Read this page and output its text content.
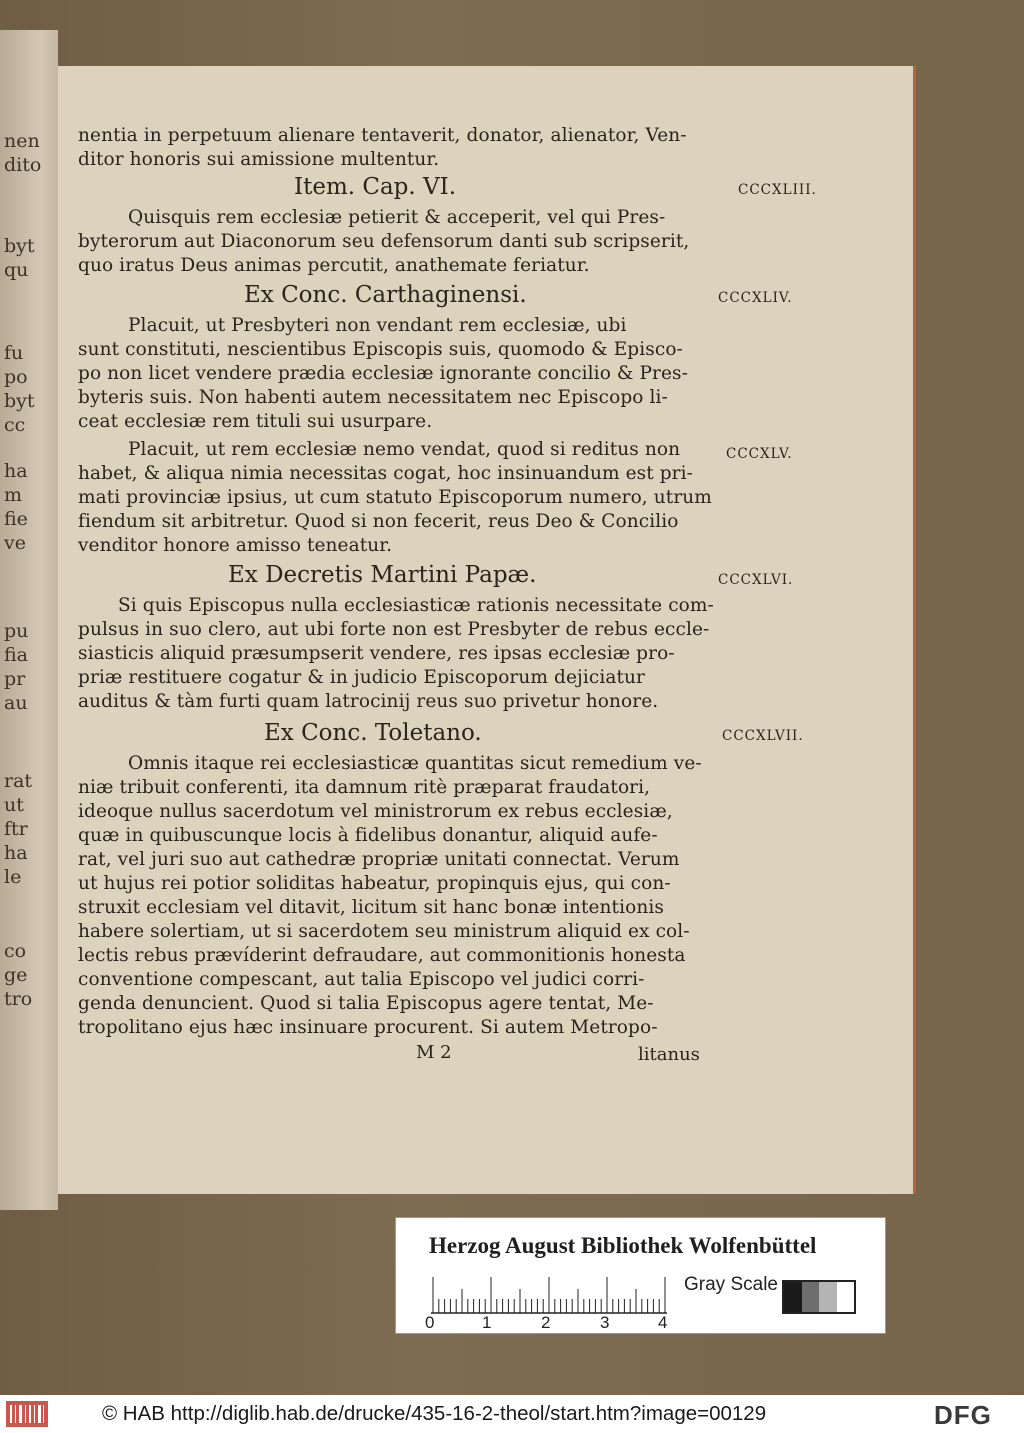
nen
dito
byt
qu
fu
po
byt
cc
ha
m
fie
ve
pu
fia
pr
au
rat
ut
ftr
ha
le
co
ge
tro
nentia in perpetuum alienare tentaverit, donator, alienator, Ven-
ditor honoris sui amissione multentur.
Item. Cap. VI.	CCCXLIII.
Quisquis rem ecclesiæ petierit & acceperit, vel qui Pres-
byterorum aut Diaconorum seu defensorum danti sub scripserit,
quo iratus Deus animas percutit, anathemate feriatur.
Ex Conc. Carthaginensi.	CCCXLIV.
Placuit, ut Presbyteri non vendant rem ecclesiæ, ubi
sunt constituti, nescientibus Episcopis suis, quomodo & Episco-
po non licet vendere prædia ecclesiæ ignorante concilio & Pres-
byteris suis. Non habenti autem necessitatem nec Episcopo li-
ceat ecclesiæ rem tituli sui usurpare.
Placuit, ut rem ecclesiæ nemo vendat, quod si reditus non	CCCXLV.
habet, & aliqua nimia necessitas cogat, hoc insinuandum est pri-
mati provinciæ ipsius, ut cum statuto Episcoporum numero, utrum
fiendum sit arbitretur. Quod si non fecerit, reus Deo & Concilio
venditor honore amisso teneatur.
Ex Decretis Martini Papæ.	CCCXLVI.
Si quis Episcopus nulla ecclesiasticæ rationis necessitate com-
pulsus in suo clero, aut ubi forte non est Presbyter de rebus eccle-
siasticis aliquid præsumpserit vendere, res ipsas ecclesiæ pro-
priæ restituere cogatur & in judicio Episcoporum dejiciatur
auditus & tàm furti quam latrocinij reus suo privetur honore.
Ex Conc. Toletano.	CCCXLVII.
Omnis itaque rei ecclesiasticæ quantitas sicut remedium ve-
niæ tribuit conferenti, ita damnum ritè præparat fraudatori,
ideoque nullus sacerdotum vel ministrorum ex rebus ecclesiæ,
quæ in quibuscunque locis à fidelibus donantur, aliquid aufe-
rat, vel juri suo aut cathedræ propriæ unitati connectat. Verum
ut hujus rei potior soliditas habeatur, propinquis ejus, qui con-
struxit ecclesiam vel ditavit, licitum sit hanc bonæ intentionis
habere solertiam, ut si sacerdotem seu ministrum aliquid ex col-
lectis rebus prævíderint defraudare, aut commonitionis honesta
conventione compescant, aut talia Episcopo vel judici corri-
genda denuncient. Quod si talia Episcopus agere tentat, Me-
tropolitano ejus hæc insinuare procurent. Si autem Metropo-
M 2	litanus
Herzog August Bibliothek Wolfenbüttel
Gray Scale
0	1	2	3	4
© HAB http://diglib.hab.de/drucke/435-16-2-theol/start.htm?image=00129	DFG
